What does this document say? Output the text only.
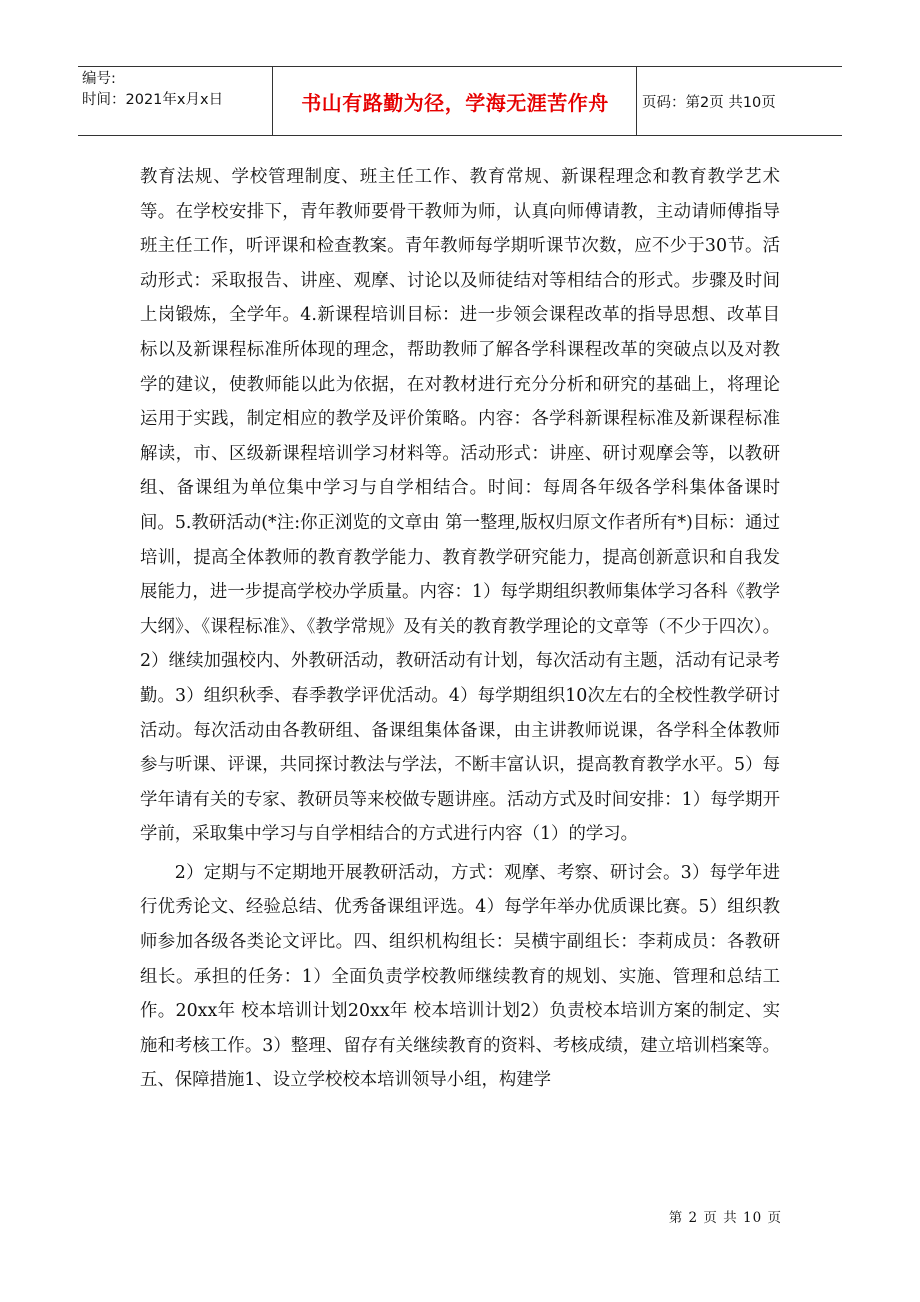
编号:
时间：2021年x月x日	书山有路勤为径，学海无涯苦作舟	页码：第2页 共10页

教育法规、学校管理制度、班主任工作、教育常规、新课程理念和教育教学艺术等。在学校安排下，青年教师要骨干教师为师，认真向师傅请教，主动请师傅指导班主任工作，听评课和检查教案。青年教师每学期听课节次数，应不少于30节。活动形式：采取报告、讲座、观摩、讨论以及师徒结对等相结合的形式。步骤及时间 上岗锻炼，全学年。4.新课程培训目标：进一步领会课程改革的指导思想、改革目标以及新课程标准所体现的理念，帮助教师了解各学科课程改革的突破点以及对教学的建议，使教师能以此为依据，在对教材进行充分分析和研究的基础上，将理论运用于实践，制定相应的教学及评价策略。内容：各学科新课程标准及新课程标准解读，市、区级新课程培训学习材料等。活动形式：讲座、研讨观摩会等，以教研组、备课组为单位集中学习与自学相结合。时间：每周各年级各学科集体备课时间。5.教研活动(*注:你正浏览的文章由 第一整理,版权归原文作者所有*)目标：通过培训，提高全体教师的教育教学能力、教育教学研究能力，提高创新意识和自我发展能力，进一步提高学校办学质量。内容：1）每学期组织教师集体学习各科《教学大纲》、《课程标准》、《教学常规》及有关的教育教学理论的文章等（不少于四次）。2）继续加强校内、外教研活动，教研活动有计划，每次活动有主题，活动有记录考勤。3）组织秋季、春季教学评优活动。4）每学期组织10次左右的全校性教学研讨活动。每次活动由各教研组、备课组集体备课，由主讲教师说课，各学科全体教师参与听课、评课，共同探讨教法与学法，不断丰富认识，提高教育教学水平。5）每学年请有关的专家、教研员等来校做专题讲座。活动方式及时间安排：1）每学期开学前，采取集中学习与自学相结合的方式进行内容（1）的学习。

2）定期与不定期地开展教研活动，方式：观摩、考察、研讨会。3）每学年进行优秀论文、经验总结、优秀备课组评选。4）每学年举办优质课比赛。5）组织教师参加各级各类论文评比。四、组织机构组长：吴横宇副组长：李莉成员：各教研组长。承担的任务：1）全面负责学校教师继续教育的规划、实施、管理和总结工作。20xx年 校本培训计划20xx年 校本培训计划2）负责校本培训方案的制定、实施和考核工作。3）整理、留存有关继续教育的资料、考核成绩，建立培训档案等。五、保障措施1、设立学校校本培训领导小组，构建学

第 2 页 共 10 页
